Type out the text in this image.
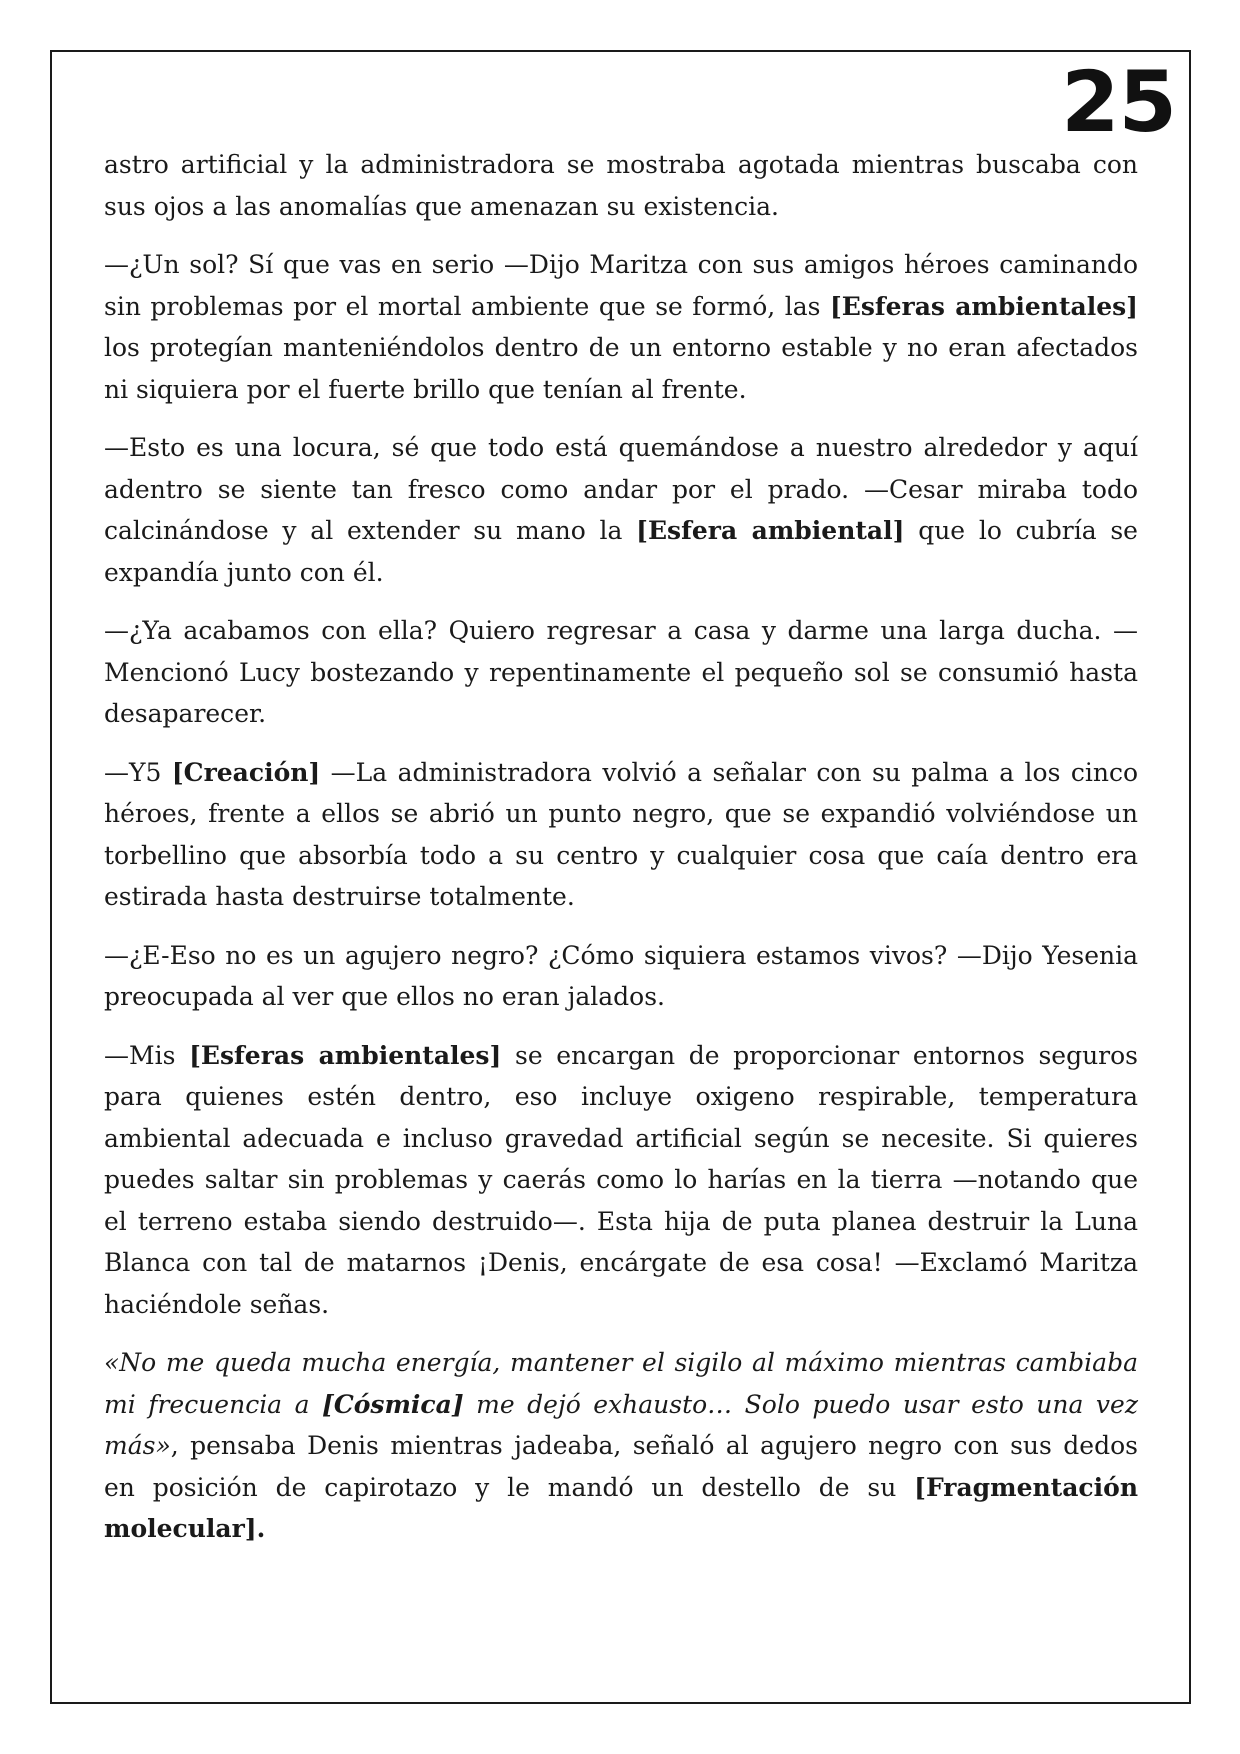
25

astro artificial y la administradora se mostraba agotada mientras buscaba con sus ojos a las anomalías que amenazan su existencia.

—¿Un sol? Sí que vas en serio —Dijo Maritza con sus amigos héroes caminando sin problemas por el mortal ambiente que se formó, las [Esferas ambientales] los protegían manteniéndolos dentro de un entorno estable y no eran afectados ni siquiera por el fuerte brillo que tenían al frente.

—Esto es una locura, sé que todo está quemándose a nuestro alrededor y aquí adentro se siente tan fresco como andar por el prado. —Cesar miraba todo calcinándose y al extender su mano la [Esfera ambiental] que lo cubría se expandía junto con él.

—¿Ya acabamos con ella? Quiero regresar a casa y darme una larga ducha. —Mencionó Lucy bostezando y repentinamente el pequeño sol se consumió hasta desaparecer.

—Y5 [Creación] —La administradora volvió a señalar con su palma a los cinco héroes, frente a ellos se abrió un punto negro, que se expandió volviéndose un torbellino que absorbía todo a su centro y cualquier cosa que caía dentro era estirada hasta destruirse totalmente.

—¿E-Eso no es un agujero negro? ¿Cómo siquiera estamos vivos? —Dijo Yesenia preocupada al ver que ellos no eran jalados.

—Mis [Esferas ambientales] se encargan de proporcionar entornos seguros para quienes estén dentro, eso incluye oxigeno respirable, temperatura ambiental adecuada e incluso gravedad artificial según se necesite. Si quieres puedes saltar sin problemas y caerás como lo harías en la tierra —notando que el terreno estaba siendo destruido—. Esta hija de puta planea destruir la Luna Blanca con tal de matarnos ¡Denis, encárgate de esa cosa! —Exclamó Maritza haciéndole señas.

«No me queda mucha energía, mantener el sigilo al máximo mientras cambiaba mi frecuencia a [Cósmica] me dejó exhausto… Solo puedo usar esto una vez más», pensaba Denis mientras jadeaba, señaló al agujero negro con sus dedos en posición de capirotazo y le mandó un destello de su [Fragmentación molecular].
